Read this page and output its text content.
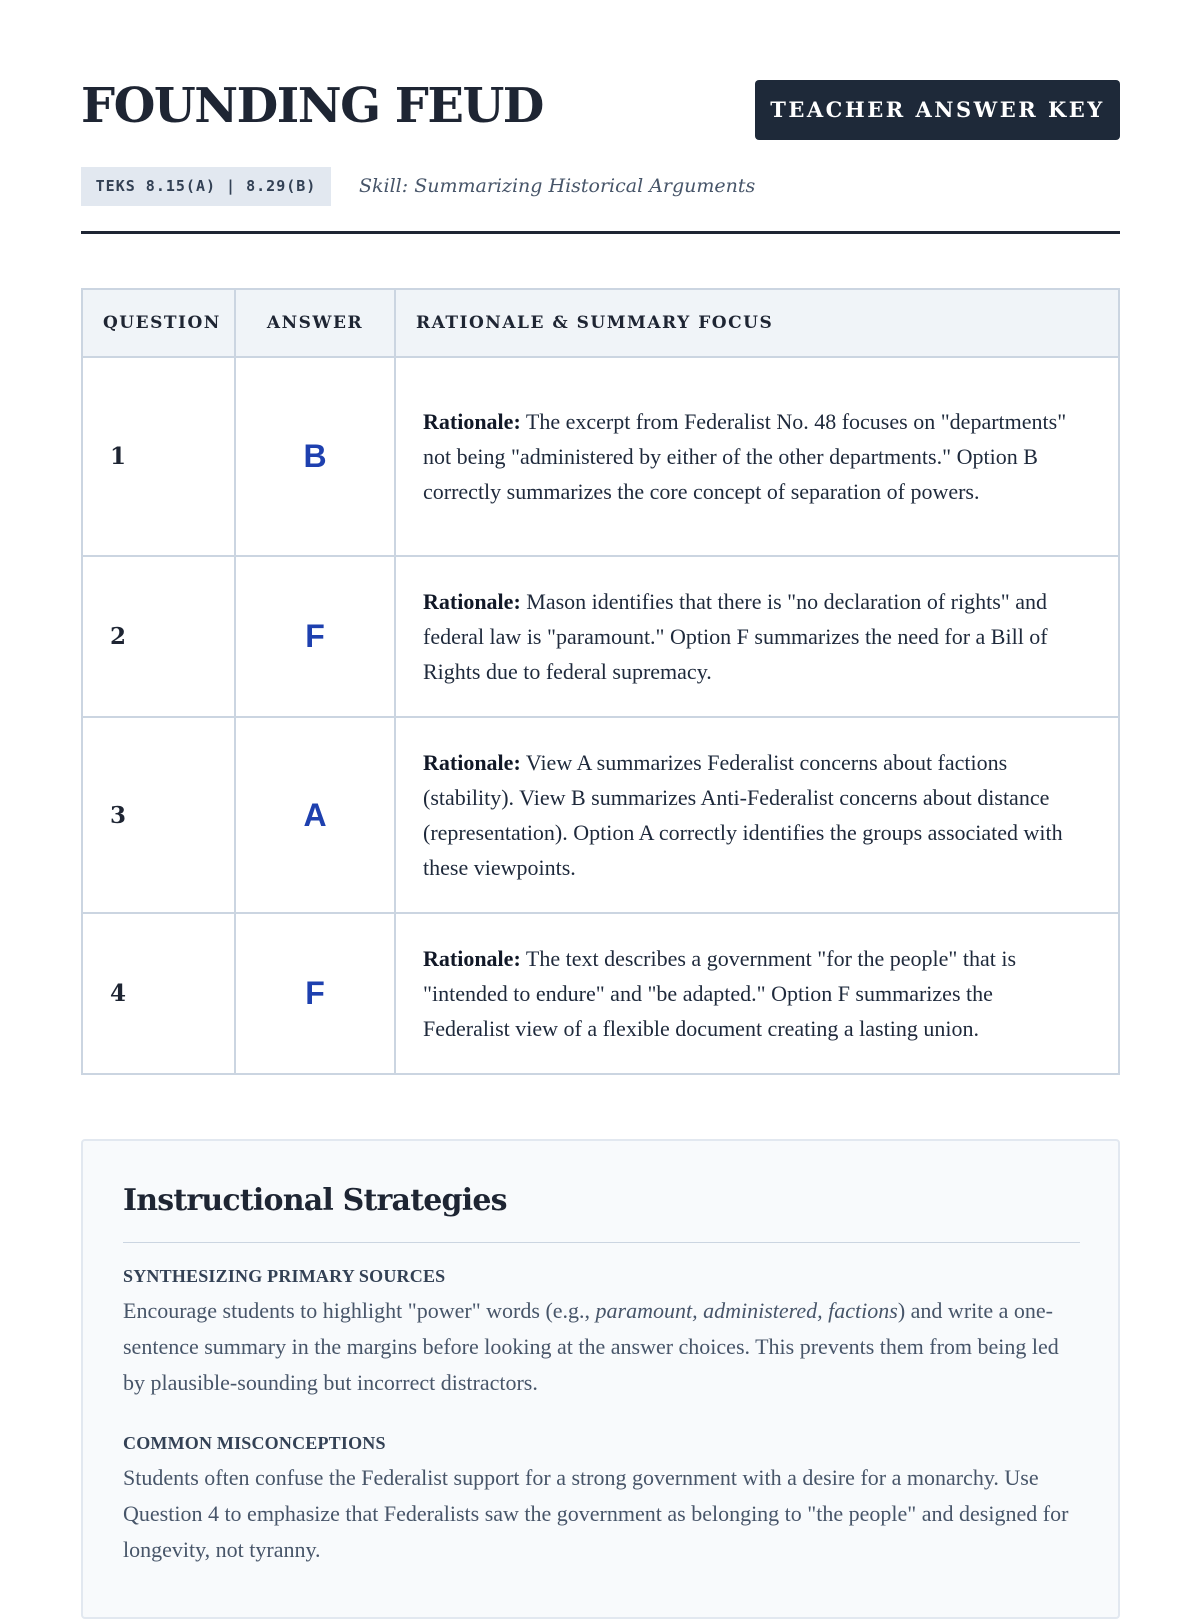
FOUNDING FEUD	TEACHER ANSWER KEY
TEKS 8.15(A) | 8.29(B)	Skill: Summarizing Historical Arguments
QUESTION	ANSWER	RATIONALE & SUMMARY FOCUS
1	B	Rationale: The excerpt from Federalist No. 48 focuses on "departments" not being "administered by either of the other departments." Option B correctly summarizes the core concept of separation of powers.
2	F	Rationale: Mason identifies that there is "no declaration of rights" and federal law is "paramount." Option F summarizes the need for a Bill of Rights due to federal supremacy.
3	A	Rationale: View A summarizes Federalist concerns about factions (stability). View B summarizes Anti-Federalist concerns about distance (representation). Option A correctly identifies the groups associated with these viewpoints.
4	F	Rationale: The text describes a government "for the people" that is "intended to endure" and "be adapted." Option F summarizes the Federalist view of a flexible document creating a lasting union.
Instructional Strategies
SYNTHESIZING PRIMARY SOURCES

Encourage students to highlight "power" words (e.g., paramount, administered, factions) and write a one-sentence summary in the margins before looking at the answer choices. This prevents them from being led by plausible-sounding but incorrect distractors.

COMMON MISCONCEPTIONS

Students often confuse the Federalist support for a strong government with a desire for a monarchy. Use Question 4 to emphasize that Federalists saw the government as belonging to "the people" and designed for longevity, not tyranny.
